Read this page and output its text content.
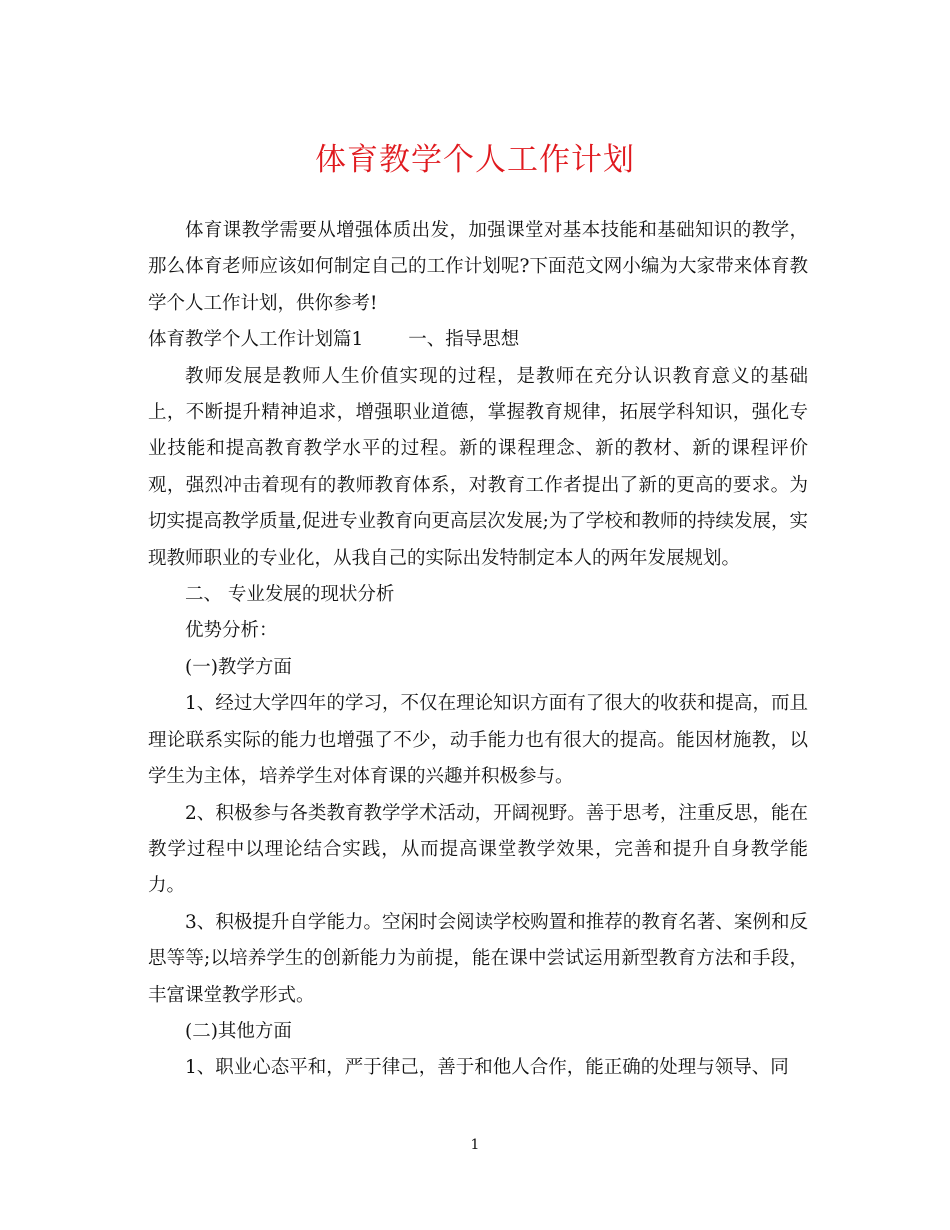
体育教学个人工作计划

体育课教学需要从增强体质出发，加强课堂对基本技能和基础知识的教学，那么体育老师应该如何制定自己的工作计划呢?下面范文网小编为大家带来体育教学个人工作计划，供你参考!

体育教学个人工作计划篇1 一、指导思想

教师发展是教师人生价值实现的过程，是教师在充分认识教育意义的基础上，不断提升精神追求，增强职业道德，掌握教育规律，拓展学科知识，强化专业技能和提高教育教学水平的过程。新的课程理念、新的教材、新的课程评价观，强烈冲击着现有的教师教育体系，对教育工作者提出了新的更高的要求。为切实提高教学质量,促进专业教育向更高层次发展;为了学校和教师的持续发展，实现教师职业的专业化，从我自己的实际出发特制定本人的两年发展规划。

二、 专业发展的现状分析

优势分析：

(一)教学方面

1、经过大学四年的学习，不仅在理论知识方面有了很大的收获和提高，而且理论联系实际的能力也增强了不少，动手能力也有很大的提高。能因材施教，以学生为主体，培养学生对体育课的兴趣并积极参与。

2、积极参与各类教育教学学术活动，开阔视野。善于思考，注重反思，能在教学过程中以理论结合实践，从而提高课堂教学效果，完善和提升自身教学能力。

3、积极提升自学能力。空闲时会阅读学校购置和推荐的教育名著、案例和反思等等;以培养学生的创新能力为前提，能在课中尝试运用新型教育方法和手段，丰富课堂教学形式。

(二)其他方面

1、职业心态平和，严于律己，善于和他人合作，能正确的处理与领导、同

1
